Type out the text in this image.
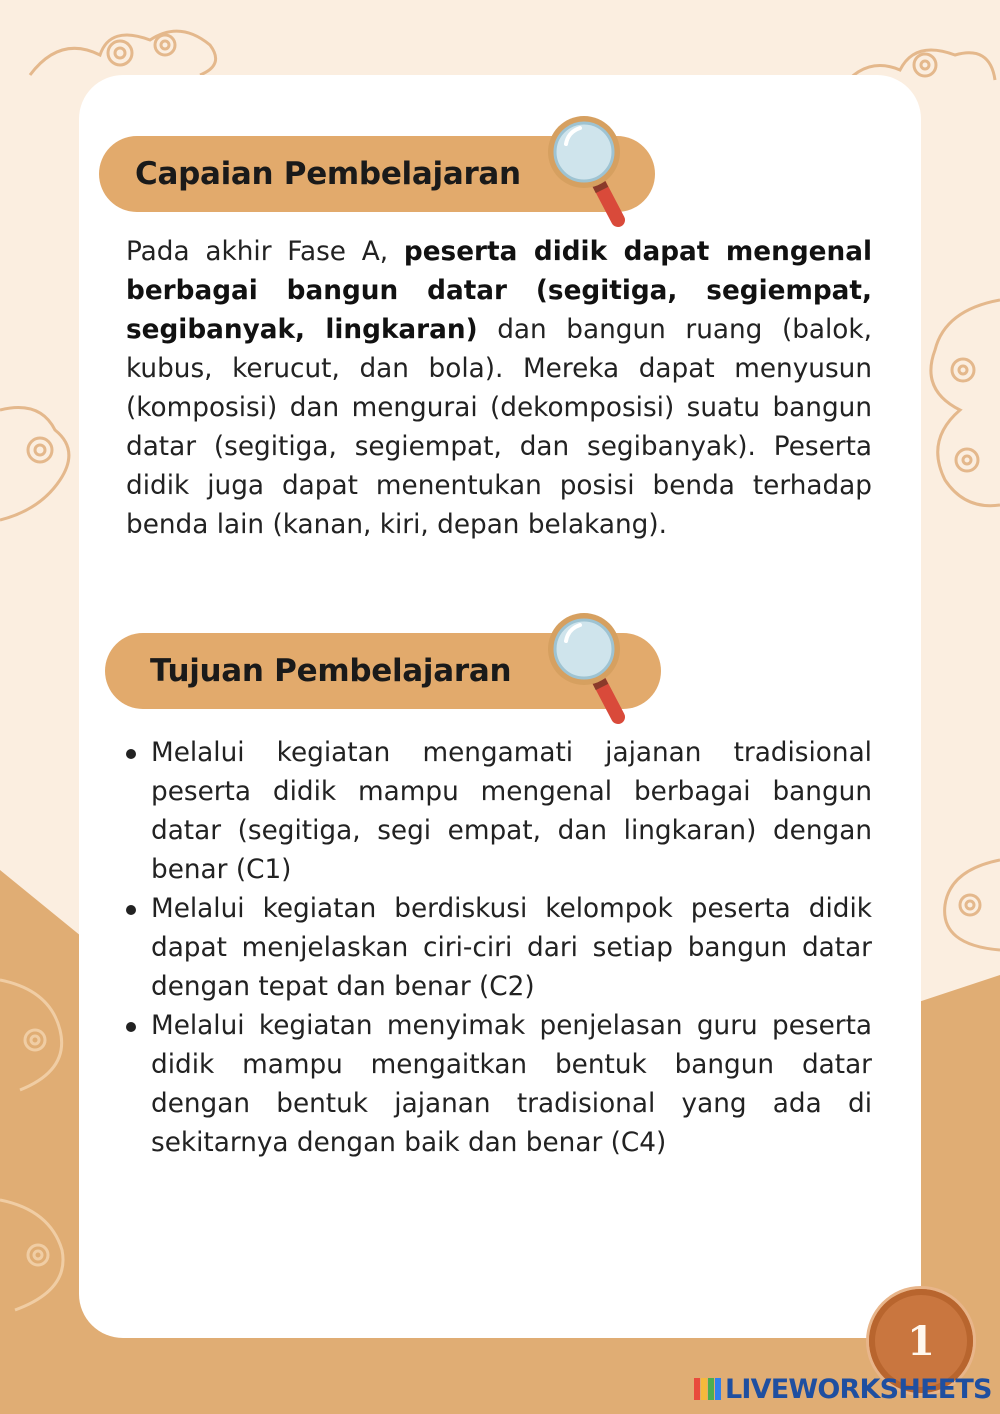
Capaian Pembelajaran

Pada akhir Fase A, peserta didik dapat mengenal berbagai bangun datar (segitiga, segiempat, segibanyak, lingkaran) dan bangun ruang (balok, kubus, kerucut, dan bola). Mereka dapat menyusun (komposisi) dan mengurai (dekomposisi) suatu bangun datar (segitiga, segiempat, dan segibanyak). Peserta didik juga dapat menentukan posisi benda terhadap benda lain (kanan, kiri, depan belakang).

Tujuan Pembelajaran
Melalui kegiatan mengamati jajanan tradisional peserta didik mampu mengenal berbagai bangun datar (segitiga, segi empat, dan lingkaran) dengan benar (C1)
Melalui kegiatan berdiskusi kelompok peserta didik dapat menjelaskan ciri-ciri dari setiap bangun datar dengan tepat dan benar (C2)
Melalui kegiatan menyimak penjelasan guru peserta didik mampu mengaitkan bentuk bangun datar dengan bentuk jajanan tradisional yang ada di sekitarnya dengan baik dan benar (C4)
1
LIVEWORKSHEETS
